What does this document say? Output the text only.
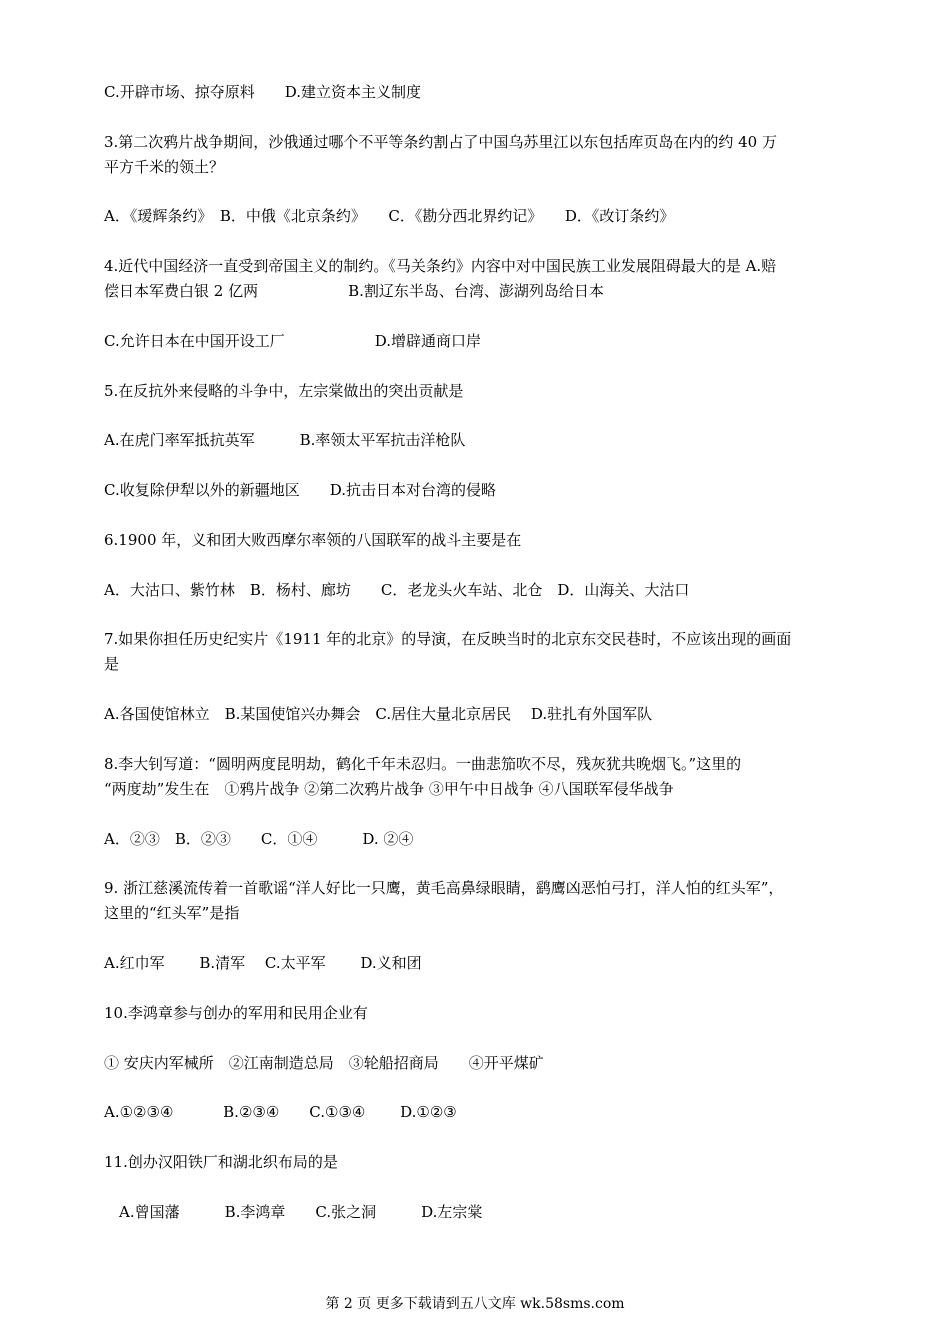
C.开辟市场、掠夺原料　　D.建立资本主义制度
3.第二次鸦片战争期间，沙俄通过哪个不平等条约割占了中国乌苏里江以东包括库页岛在内的约 40 万
平方千米的领土？
A．《瑷辉条约》　B．中俄《北京条约》　　C．《勘分西北界约记》　　D．《改订条约》
4.近代中国经济一直受到帝国主义的制约。《马关条约》内容中对中国民族工业发展阻碍最大的是 A.赔
偿日本军费白银 2 亿两　　　　　　B.割辽东半岛、台湾、澎湖列岛给日本
C.允许日本在中国开设工厂　　　　　　D.增辟通商口岸
5.在反抗外来侵略的斗争中，左宗棠做出的突出贡献是
A.在虎门率军抵抗英军　　　B.率领太平军抗击洋枪队
C.收复除伊犁以外的新疆地区　　D.抗击日本对台湾的侵略
6.1900 年，义和团大败西摩尔率领的八国联军的战斗主要是在
A．大沽口、紫竹林　B．杨村、廊坊　　C．老龙头火车站、北仓　D．山海关、大沽口
7.如果你担任历史纪实片《1911 年的北京》的导演，在反映当时的北京东交民巷时，不应该出现的画面
是
A.各国使馆林立　B.某国使馆兴办舞会　C.居住大量北京居民　 D.驻扎有外国军队
8.李大钊写道：“圆明两度昆明劫，鹤化千年未忍归。一曲悲笳吹不尽，残灰犹共晚烟飞。”这里的
“两度劫”发生在　①鸦片战争 ②第二次鸦片战争 ③甲午中日战争 ④八国联军侵华战争
A．②③　B．②③　　C．①④　　　D. ②④
9. 浙江慈溪流传着一首歌谣“洋人好比一只鹰，黄毛高鼻绿眼睛，鹞鹰凶恶怕弓打，洋人怕的红头军”，
这里的“红头军”是指
A.红巾军　　 B.清军　 C.太平军　　 D.义和团
10.李鸿章参与创办的军用和民用企业有
① 安庆内军械所　②江南制造总局　③轮船招商局　　④开平煤矿
A.①②③④　　　 B.②③④　　C.①③④　　 D.①②③
11.创办汉阳铁厂和湖北织布局的是
　A.曾国藩　　　B.李鸿章　　C.张之洞　　　D.左宗棠
第 2 页 更多下载请到五八文库 wk.58sms.com
